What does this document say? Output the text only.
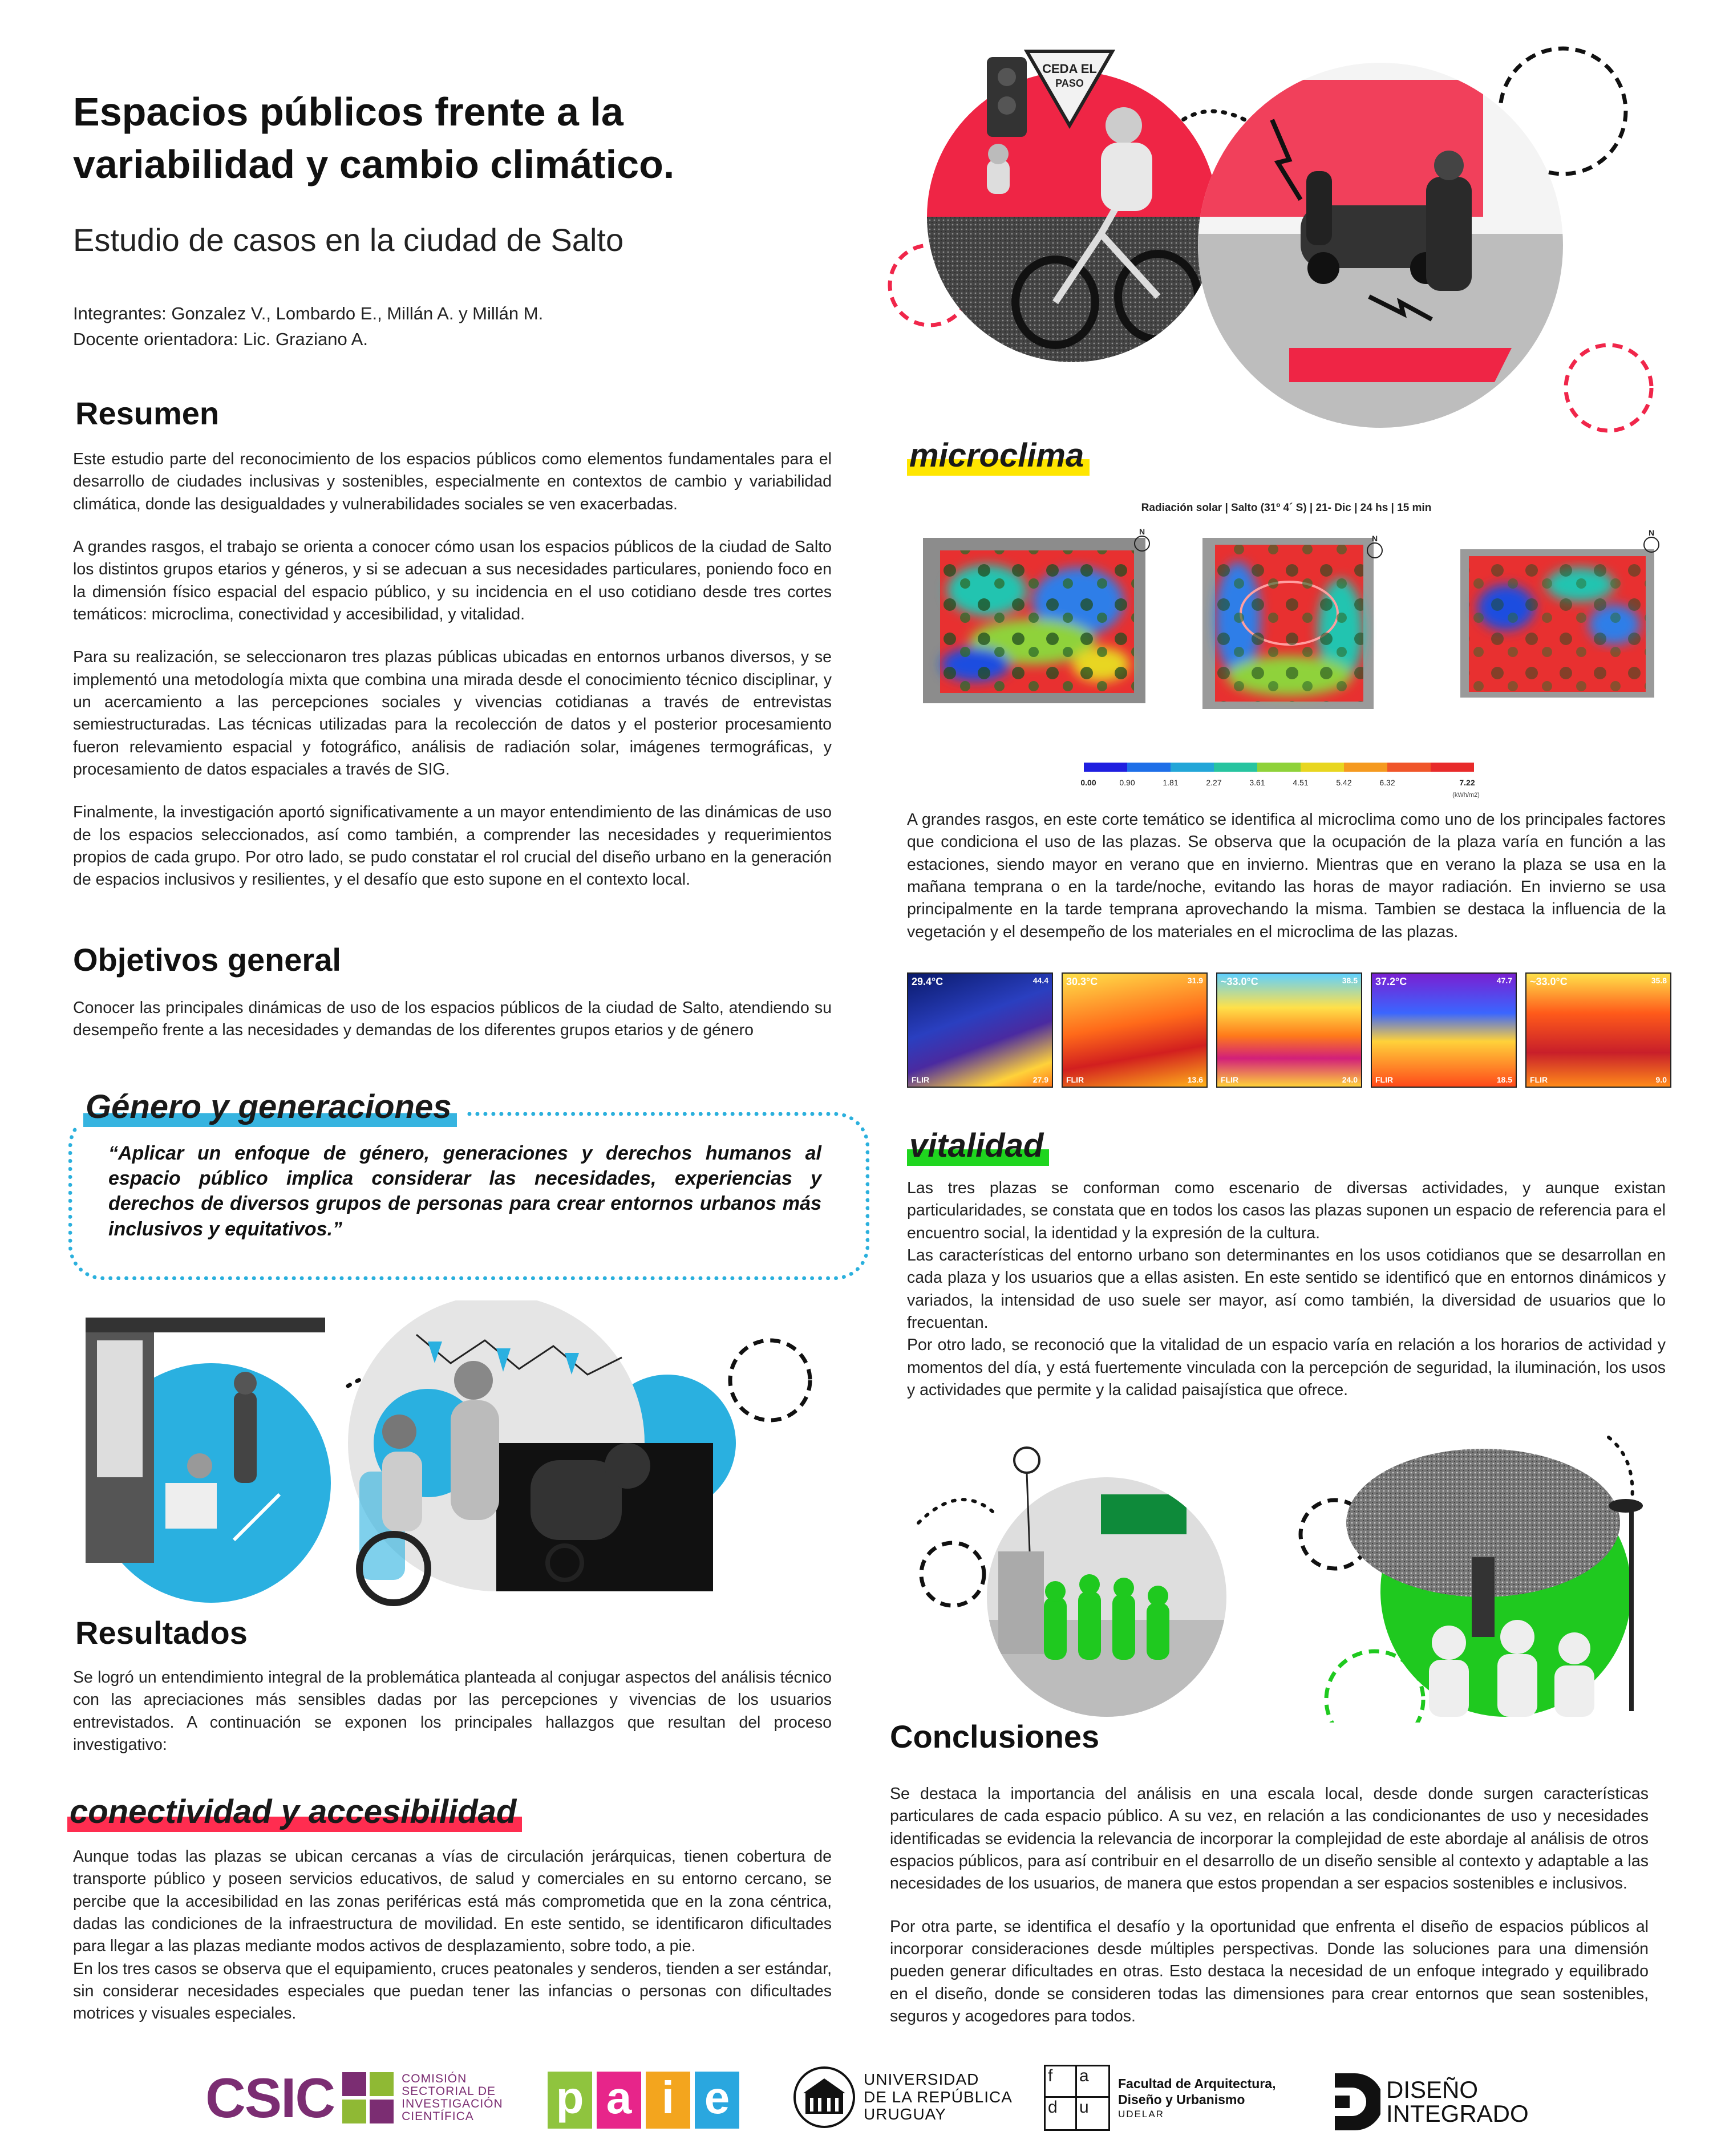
Espacios públicos frente a la
variabilidad y cambio climático.
Estudio de casos en la ciudad de Salto
Integrantes: Gonzalez V., Lombardo E., Millán A. y Millán M.
Docente orientadora: Lic. Graziano A.
CEDA EL
PASO
Resumen

Este estudio parte del reconocimiento de los espacios públicos como elementos fundamentales para el desarrollo de ciudades inclusivas y sostenibles, especialmente en contextos de cambio y variabilidad climática, donde las desigualdades y vulnerabilidades sociales se ven exacerbadas.

A grandes rasgos, el trabajo se orienta a conocer cómo usan los espacios públicos de la ciudad de Salto los distintos grupos etarios y géneros, y si se adecuan a sus necesidades particulares, poniendo foco en la dimensión físico espacial del espacio público, y su incidencia en el uso cotidiano desde tres cortes temáticos: microclima, conectividad y accesibilidad, y vitalidad.

Para su realización, se seleccionaron tres plazas públicas ubicadas en entornos urbanos diversos, y se implementó una metodología mixta que combina una mirada desde el conocimiento técnico disciplinar, y un acercamiento a las percepciones sociales y vivencias cotidianas a través de entrevistas semiestructuradas. Las técnicas utilizadas para la recolección de datos y el posterior procesamiento fueron relevamiento espacial y fotográfico, análisis de radiación solar, imágenes termográficas, y procesamiento de datos espaciales a través de SIG.

Finalmente, la investigación aportó significativamente a un mayor entendimiento de las dinámicas de uso de los espacios seleccionados, así como también, a comprender las necesidades y requerimientos propios de cada grupo. Por otro lado, se pudo constatar el rol crucial del diseño urbano en la generación de espacios inclusivos y resilientes, y el desafío que esto supone en el contexto local.

Objetivos general
Conocer las principales dinámicas de uso de los espacios públicos de la ciudad de Salto, atendiendo su desempeño frente a las necesidades y demandas de los diferentes grupos etarios y de género
Género y generaciones
“Aplicar un enfoque de género, generaciones y derechos humanos al espacio público implica considerar las necesidades, experiencias y derechos de diversos grupos de personas para crear entornos urbanos más inclusivos y equitativos.”
Resultados
Se logró un entendimiento integral de la problemática planteada al conjugar aspectos del análisis técnico con las apreciaciones más sensibles dadas por las percepciones y vivencias de los usuarios entrevistados. A continuación se exponen los principales hallazgos que resultan del proceso investigativo:
conectividad y accesibilidad

Aunque todas las plazas se ubican cercanas a vías de circulación jerárquicas, tienen cobertura de transporte público y poseen servicios educativos, de salud y comerciales en su entorno cercano, se percibe que la accesibilidad en las zonas periféricas está más comprometida que en la zona céntrica, dadas las condiciones de la infraestructura de movilidad. En este sentido, se identificaron dificultades para llegar a las plazas mediante modos activos de desplazamiento, sobre todo, a pie.

En los tres casos se observa que el equipamiento, cruces peatonales y senderos, tienden a ser estándar, sin considerar necesidades especiales que puedan tener las infancias o personas con dificultades motrices y visuales especiales.

microclima
Radiación solar | Salto (31º 4´ S) | 21- Dic | 24 hs | 15 min
N
N
N
0.00	0.90	1.81	2.27	3.61	4.51	5.42	6.32	7.22
(kWh/m2)
A grandes rasgos, en este corte temático se identifica al microclima como uno de los principales factores que condiciona el uso de las plazas. Se observa que la ocupación de la plaza varía en función a las estaciones, siendo mayor en verano que en invierno. Mientras que en verano la plaza se usa en la mañana temprana o en la tarde/noche, evitando las horas de mayor radiación. En invierno se usa principalmente en la tarde temprana aprovechando la misma. Tambien se destaca la influencia de la vegetación y el desempeño de los materiales en el microclima de las plazas.
29.4°C	44.4
27.9
FLIR
30.3°C	31.9
13.6
FLIR
~33.0°C	38.5
24.0
FLIR
37.2°C	47.7
18.5
FLIR
~33.0°C	35.8
9.0
FLIR
vitalidad

Las tres plazas se conforman como escenario de diversas actividades, y aunque existan particularidades, se constata que en todos los casos las plazas suponen un espacio de referencia para el encuentro social, la identidad y la expresión de la cultura.

Las características del entorno urbano son determinantes en los usos cotidianos que se desarrollan en cada plaza y los usuarios que a ellas asisten. En este sentido se identificó que en entornos dinámicos y variados, la intensidad de uso suele ser mayor, así como también, la diversidad de usuarios que lo frecuentan.

Por otro lado, se reconoció que la vitalidad de un espacio varía en relación a los horarios de actividad y momentos del día, y está fuertemente vinculada con la percepción de seguridad, la iluminación, los usos y actividades que permite y la calidad paisajística que ofrece.

Conclusiones

Se destaca la importancia del análisis en una escala local, desde donde surgen características particulares de cada espacio público. A su vez, en relación a las condicionantes de uso y necesidades identificadas se evidencia la relevancia de incorporar la complejidad de este abordaje al análisis de otros espacios públicos, para así contribuir en el desarrollo de un diseño sensible al contexto y adaptable a las necesidades de los usuarios, de manera que estos propendan a ser espacios sostenibles e inclusivos.

Por otra parte, se identifica el desafío y la oportunidad que enfrenta el diseño de espacios públicos al incorporar consideraciones desde múltiples perspectivas. Donde las soluciones para una dimensión pueden generar dificultades en otras. Esto destaca la necesidad de un enfoque integrado y equilibrado en el diseño, donde se consideren todas las dimensiones para crear entornos que sean sostenibles, seguros y acogedores para todos.

CSIC	COMISIÓN
SECTORIAL DE
INVESTIGACIÓN
CIENTÍFICA	p a i e	UNIVERSIDAD
DE LA REPÚBLICA
URUGUAY
f	a
d	u
Facultad de Arquitectura,
Diseño y Urbanismo
UDELAR
DISEÑO
INTEGRADO
